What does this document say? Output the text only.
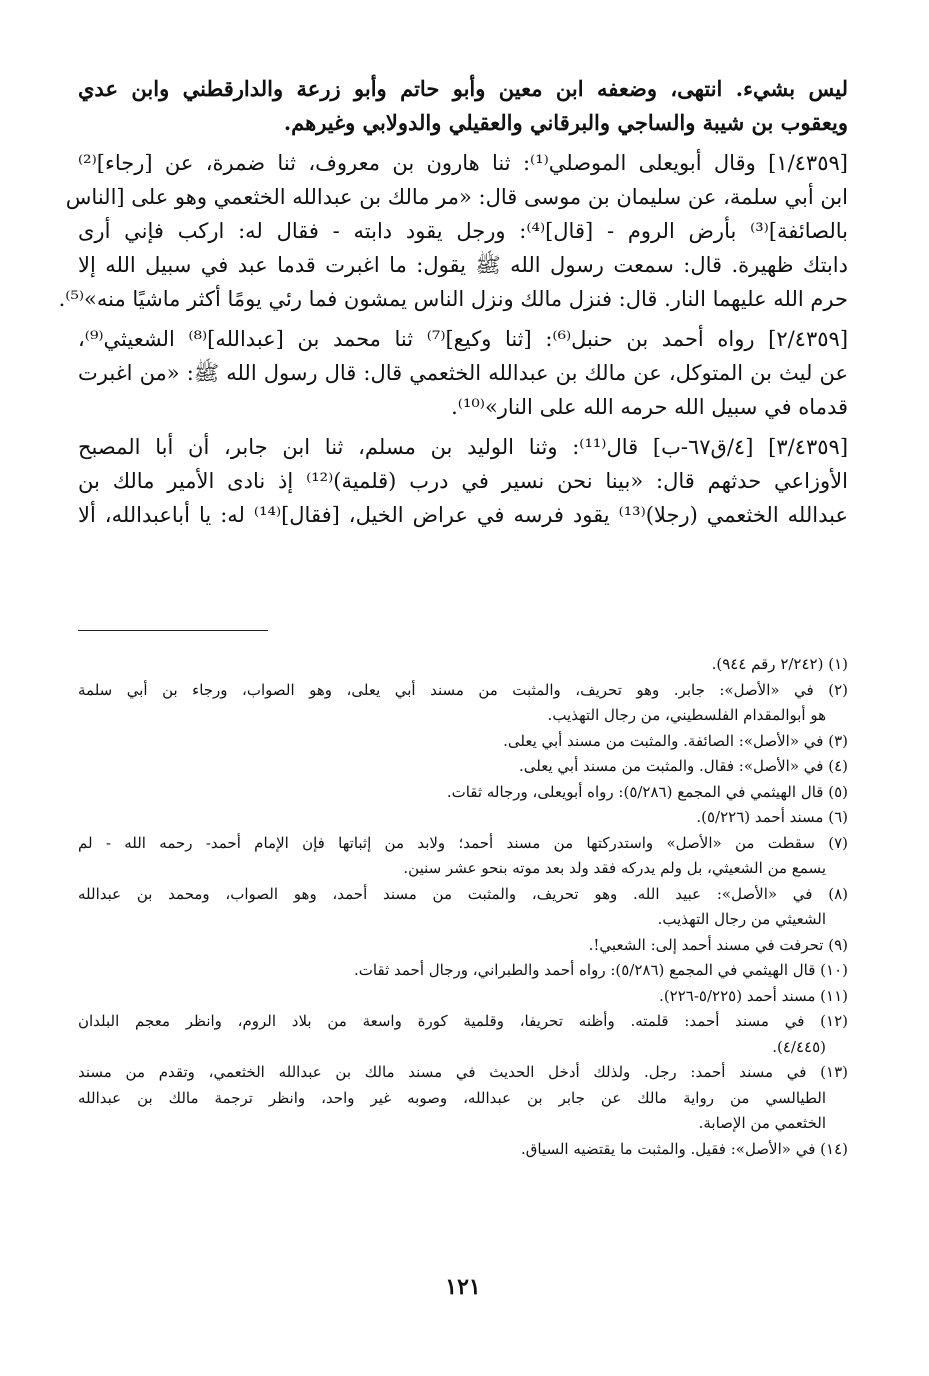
ليس بشيء. انتهى، وضعفه ابن معين وأبو حاتم وأبو زرعة والدارقطني وابن عدي
ويعقوب بن شيبة والساجي والبرقاني والعقيلي والدولابي وغيرهم.
[١/٤٣٥٩] وقال أبويعلى الموصلي⁽¹⁾: ثنا هارون بن معروف، ثنا ضمرة، عن [رجاء]⁽²⁾
ابن أبي سلمة، عن سليمان بن موسى قال: «مر مالك بن عبدالله الخثعمي وهو على [الناس
بالصائفة]⁽³⁾ بأرض الروم - [قال]⁽⁴⁾: ورجل يقود دابته - فقال له: اركب فإني أرى
دابتك ظهيرة. قال: سمعت رسول الله ﷺ يقول: ما اغبرت قدما عبد في سبيل الله إلا
حرم الله عليهما النار. قال: فنزل مالك ونزل الناس يمشون فما رئي يومًا أكثر ماشيًا منه»⁽⁵⁾.
[٢/٤٣٥٩] رواه أحمد بن حنبل⁽⁶⁾: [ثنا وكيع]⁽⁷⁾ ثنا محمد بن [عبدالله]⁽⁸⁾ الشعيثي⁽⁹⁾،
عن ليث بن المتوكل، عن مالك بن عبدالله الخثعمي قال: قال رسول الله ﷺ: «من اغبرت
قدماه في سبيل الله حرمه الله على النار»⁽¹⁰⁾.
[٣/٤٣٥٩] [٤/ق٦٧-ب] قال⁽¹¹⁾: وثنا الوليد بن مسلم، ثنا ابن جابر، أن أبا المصبح
الأوزاعي حدثهم قال: «بينا نحن نسير في درب (قلمية)⁽¹²⁾ إذ نادى الأمير مالك بن
عبدالله الخثعمي (رجلا)⁽¹³⁾ يقود فرسه في عراض الخيل، [فقال]⁽¹⁴⁾ له: يا أباعبدالله، ألا
(١) (٢/٢٤٢ رقم ٩٤٤).
(٢) في «الأصل»: جابر. وهو تحريف، والمثبت من مسند أبي يعلى، وهو الصواب، ورجاء بن أبي سلمة
هو أبوالمقدام الفلسطيني، من رجال التهذيب.
(٣) في «الأصل»: الصائفة. والمثبت من مسند أبي يعلى.
(٤) في «الأصل»: فقال. والمثبت من مسند أبي يعلى.
(٥) قال الهيثمي في المجمع (٥/٢٨٦): رواه أبويعلى، ورجاله ثقات.
(٦) مسند أحمد (٥/٢٢٦).
(٧) سقطت من «الأصل» واستدركتها من مسند أحمد؛ ولابد من إثباتها فإن الإمام أحمد- رحمه الله - لم
يسمع من الشعيثي، بل ولم يدركه فقد ولد بعد موته بنحو عشر سنين.
(٨) في «الأصل»: عبيد الله. وهو تحريف، والمثبت من مسند أحمد، وهو الصواب، ومحمد بن عبدالله
الشعيثي من رجال التهذيب.
(٩) تحرفت في مسند أحمد إلى: الشعبي!.
(١٠) قال الهيثمي في المجمع (٥/٢٨٦): رواه أحمد والطبراني، ورجال أحمد ثقات.
(١١) مسند أحمد (٥/٢٢٥-٢٢٦).
(١٢) في مسند أحمد: قلمته. وأظنه تحريفا، وقلمية كورة واسعة من بلاد الروم، وانظر معجم البلدان
(٤/٤٤٥).
(١٣) في مسند أحمد: رجل. ولذلك أدخل الحديث في مسند مالك بن عبدالله الخثعمي، وتقدم من مسند
الطيالسي من رواية مالك عن جابر بن عبدالله، وصوبه غير واحد، وانظر ترجمة مالك بن عبدالله
الخثعمي من الإصابة.
(١٤) في «الأصل»: فقيل. والمثبت ما يقتضيه السياق.
١٢١
